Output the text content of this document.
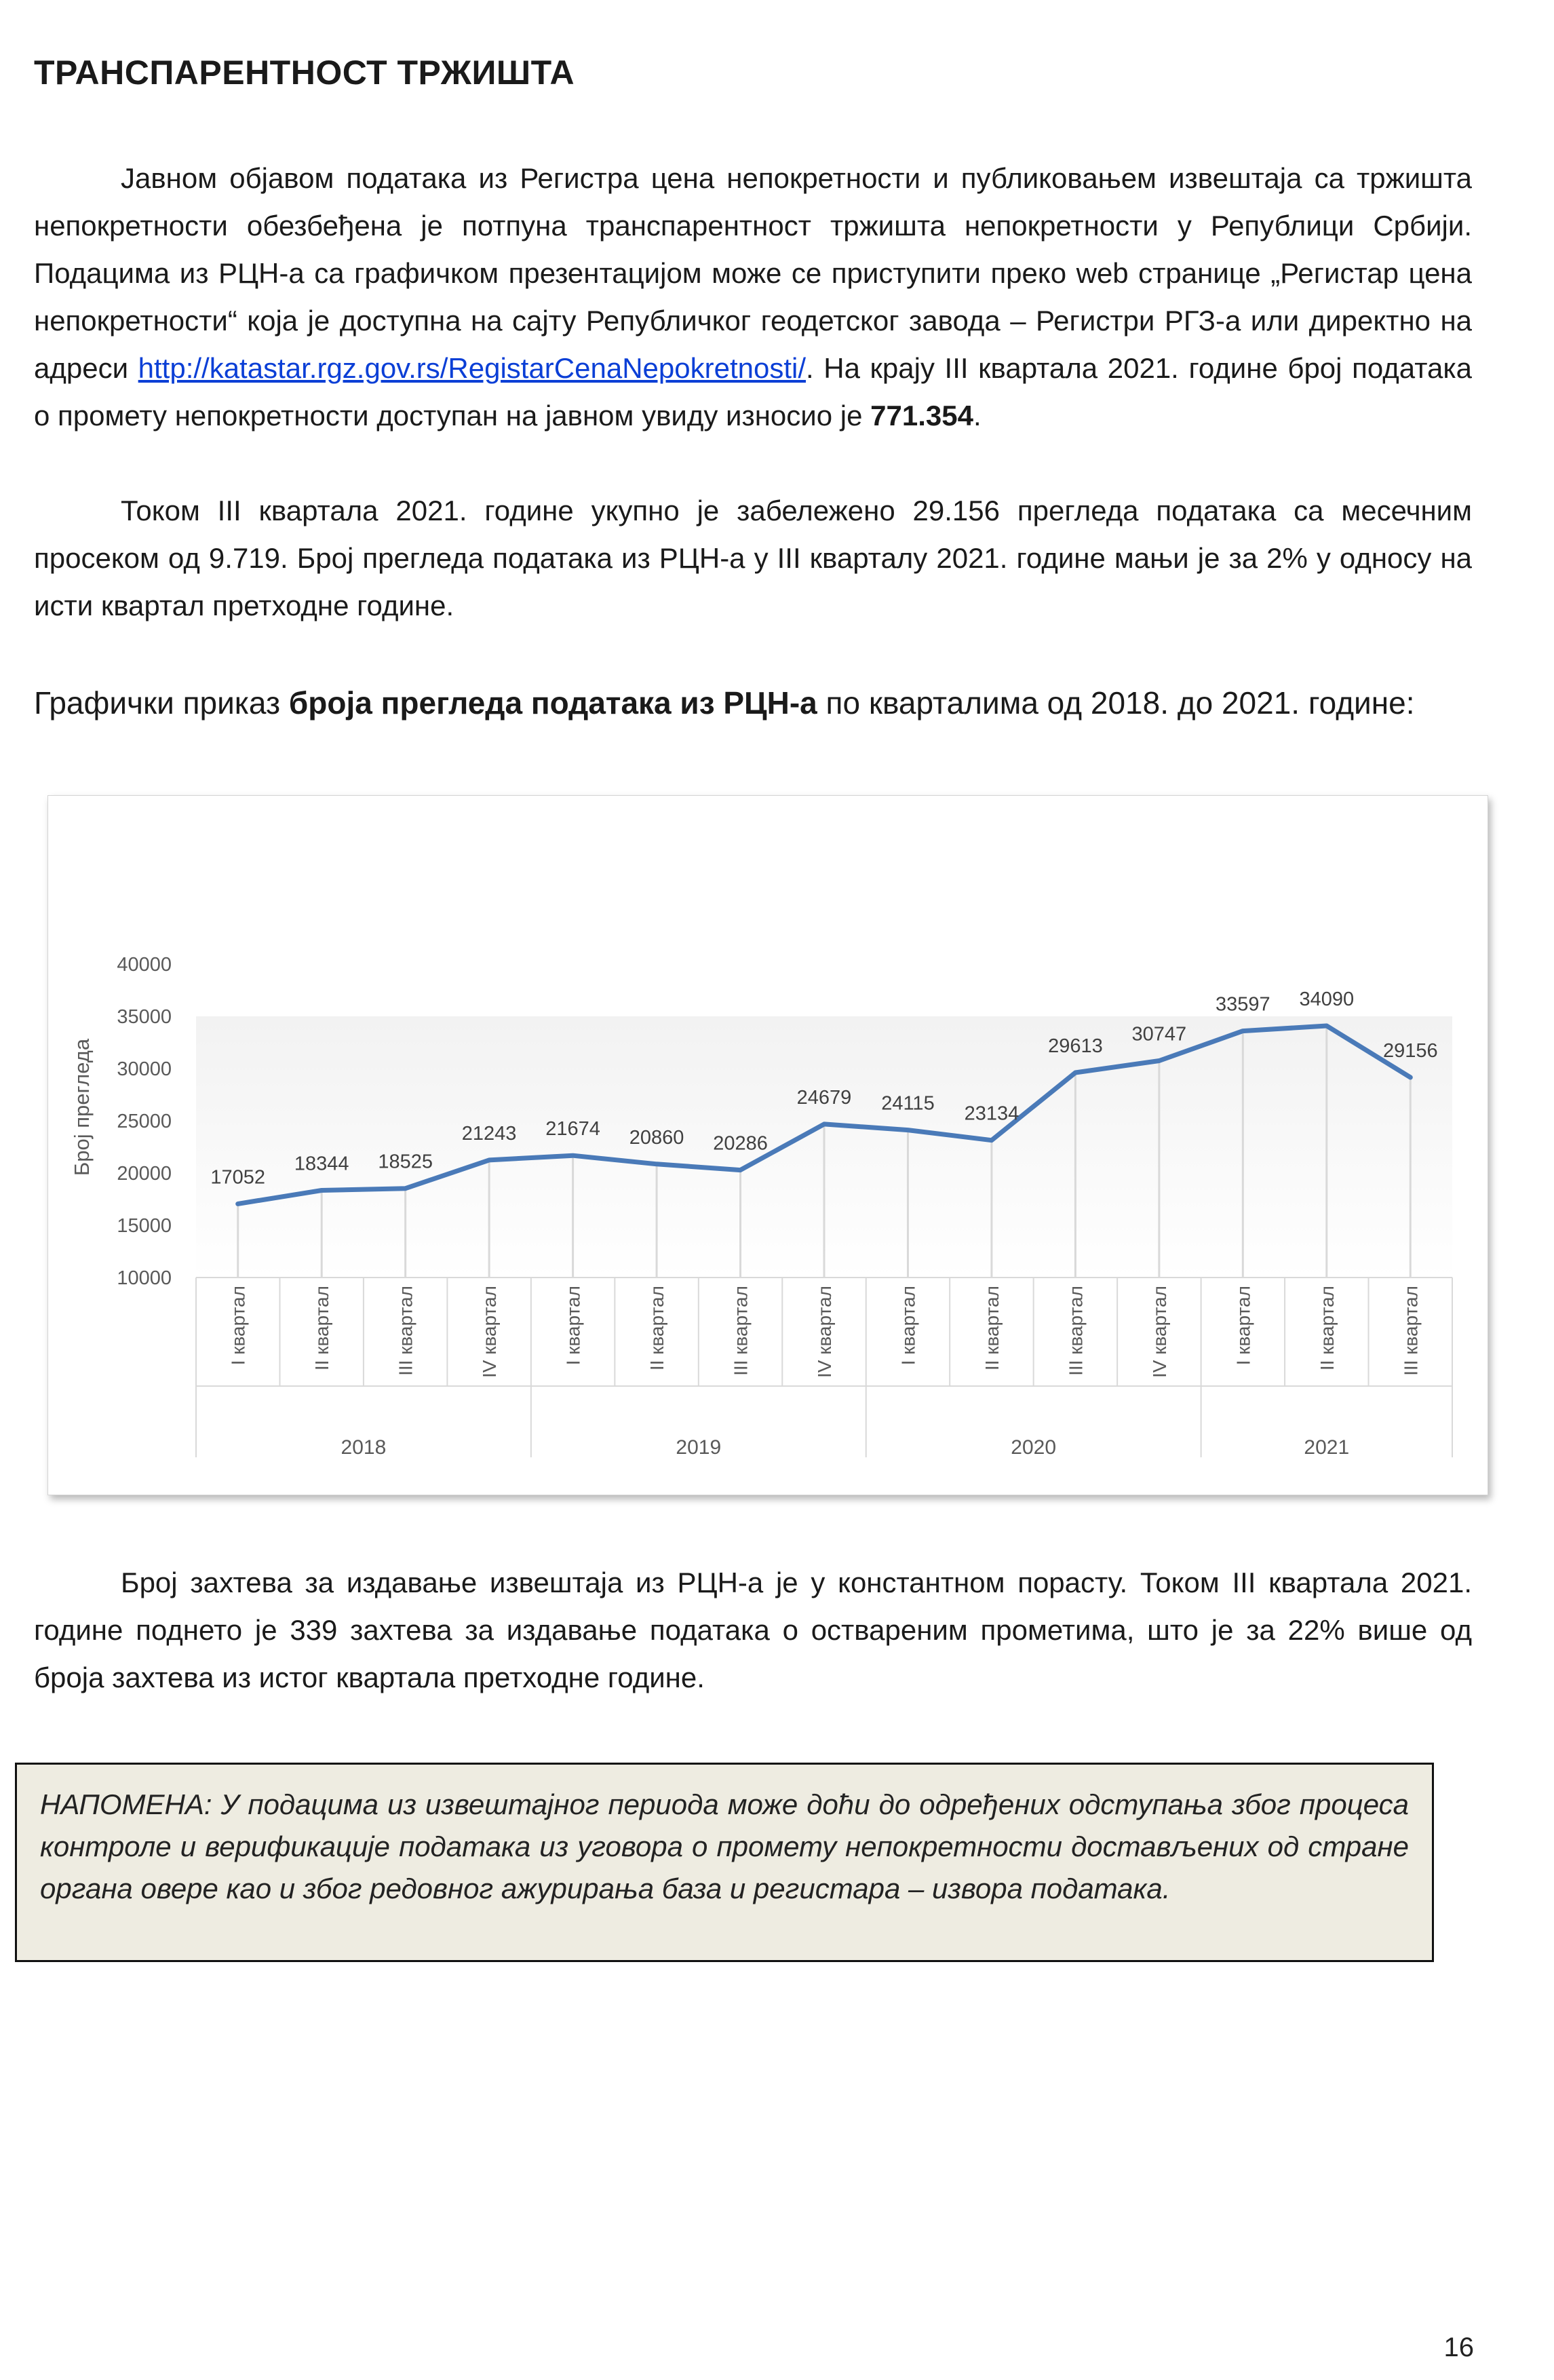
ТРАНСПАРЕНТНОСТ ТРЖИШТА
Јавном објавом података из Регистра цена непокретности и публиковањем извештаја са тржишта непокретности обезбеђена је потпуна транспарентност тржишта непокретности у Републици Србији. Подацима из РЦН-а са графичком презентацијом може се приступити преко web странице „Регистар цена непокретности“ која је доступна на сајту Републичког геодетског завода – Регистри РГЗ-а или директно на адреси http://katastar.rgz.gov.rs/RegistarCenaNepokretnosti/. На крају III квартала 2021. године број података о промету непокретности доступан на јавном увиду износио је 771.354.
Током III квартала 2021. године укупно је забележено 29.156 прегледа података са месечним просеком од 9.719. Број прегледа података из РЦН-а у III кварталу 2021. године мањи је за 2% у односу на исти квартал претходне године.
Графички приказ броја прегледа података из РЦН-а по кварталима од 2018. до 2021. године:
10000
15000
20000
25000
30000
35000
40000
Број прегледа
2018	2019	2020	2021
I квартал	II квартал	III квартал	IV квартал	I квартал	II квартал	III квартал	IV квартал	I квартал	II квартал	III квартал	IV квартал	I квартал	II квартал	III квартал
17052
18344 18525
21243 21674 20860 20286
24679 24115 23134
29613
30747
33597 34090
29156
Број захтева за издавање извештаја из РЦН-а је у константном порасту. Током III квартала 2021. године поднето је 339 захтева за издавање података о оствареним прометима, што је за 22% више од броја захтева из истог квартала претходне године.

НАПОМЕНА: У подацима из извештајног периода може доћи до одређених одступања због процеса контроле и верификације података из уговора о промету непокретности достављених од стране органа овере као и због редовног ажурирања база и регистара – извора података.

16
